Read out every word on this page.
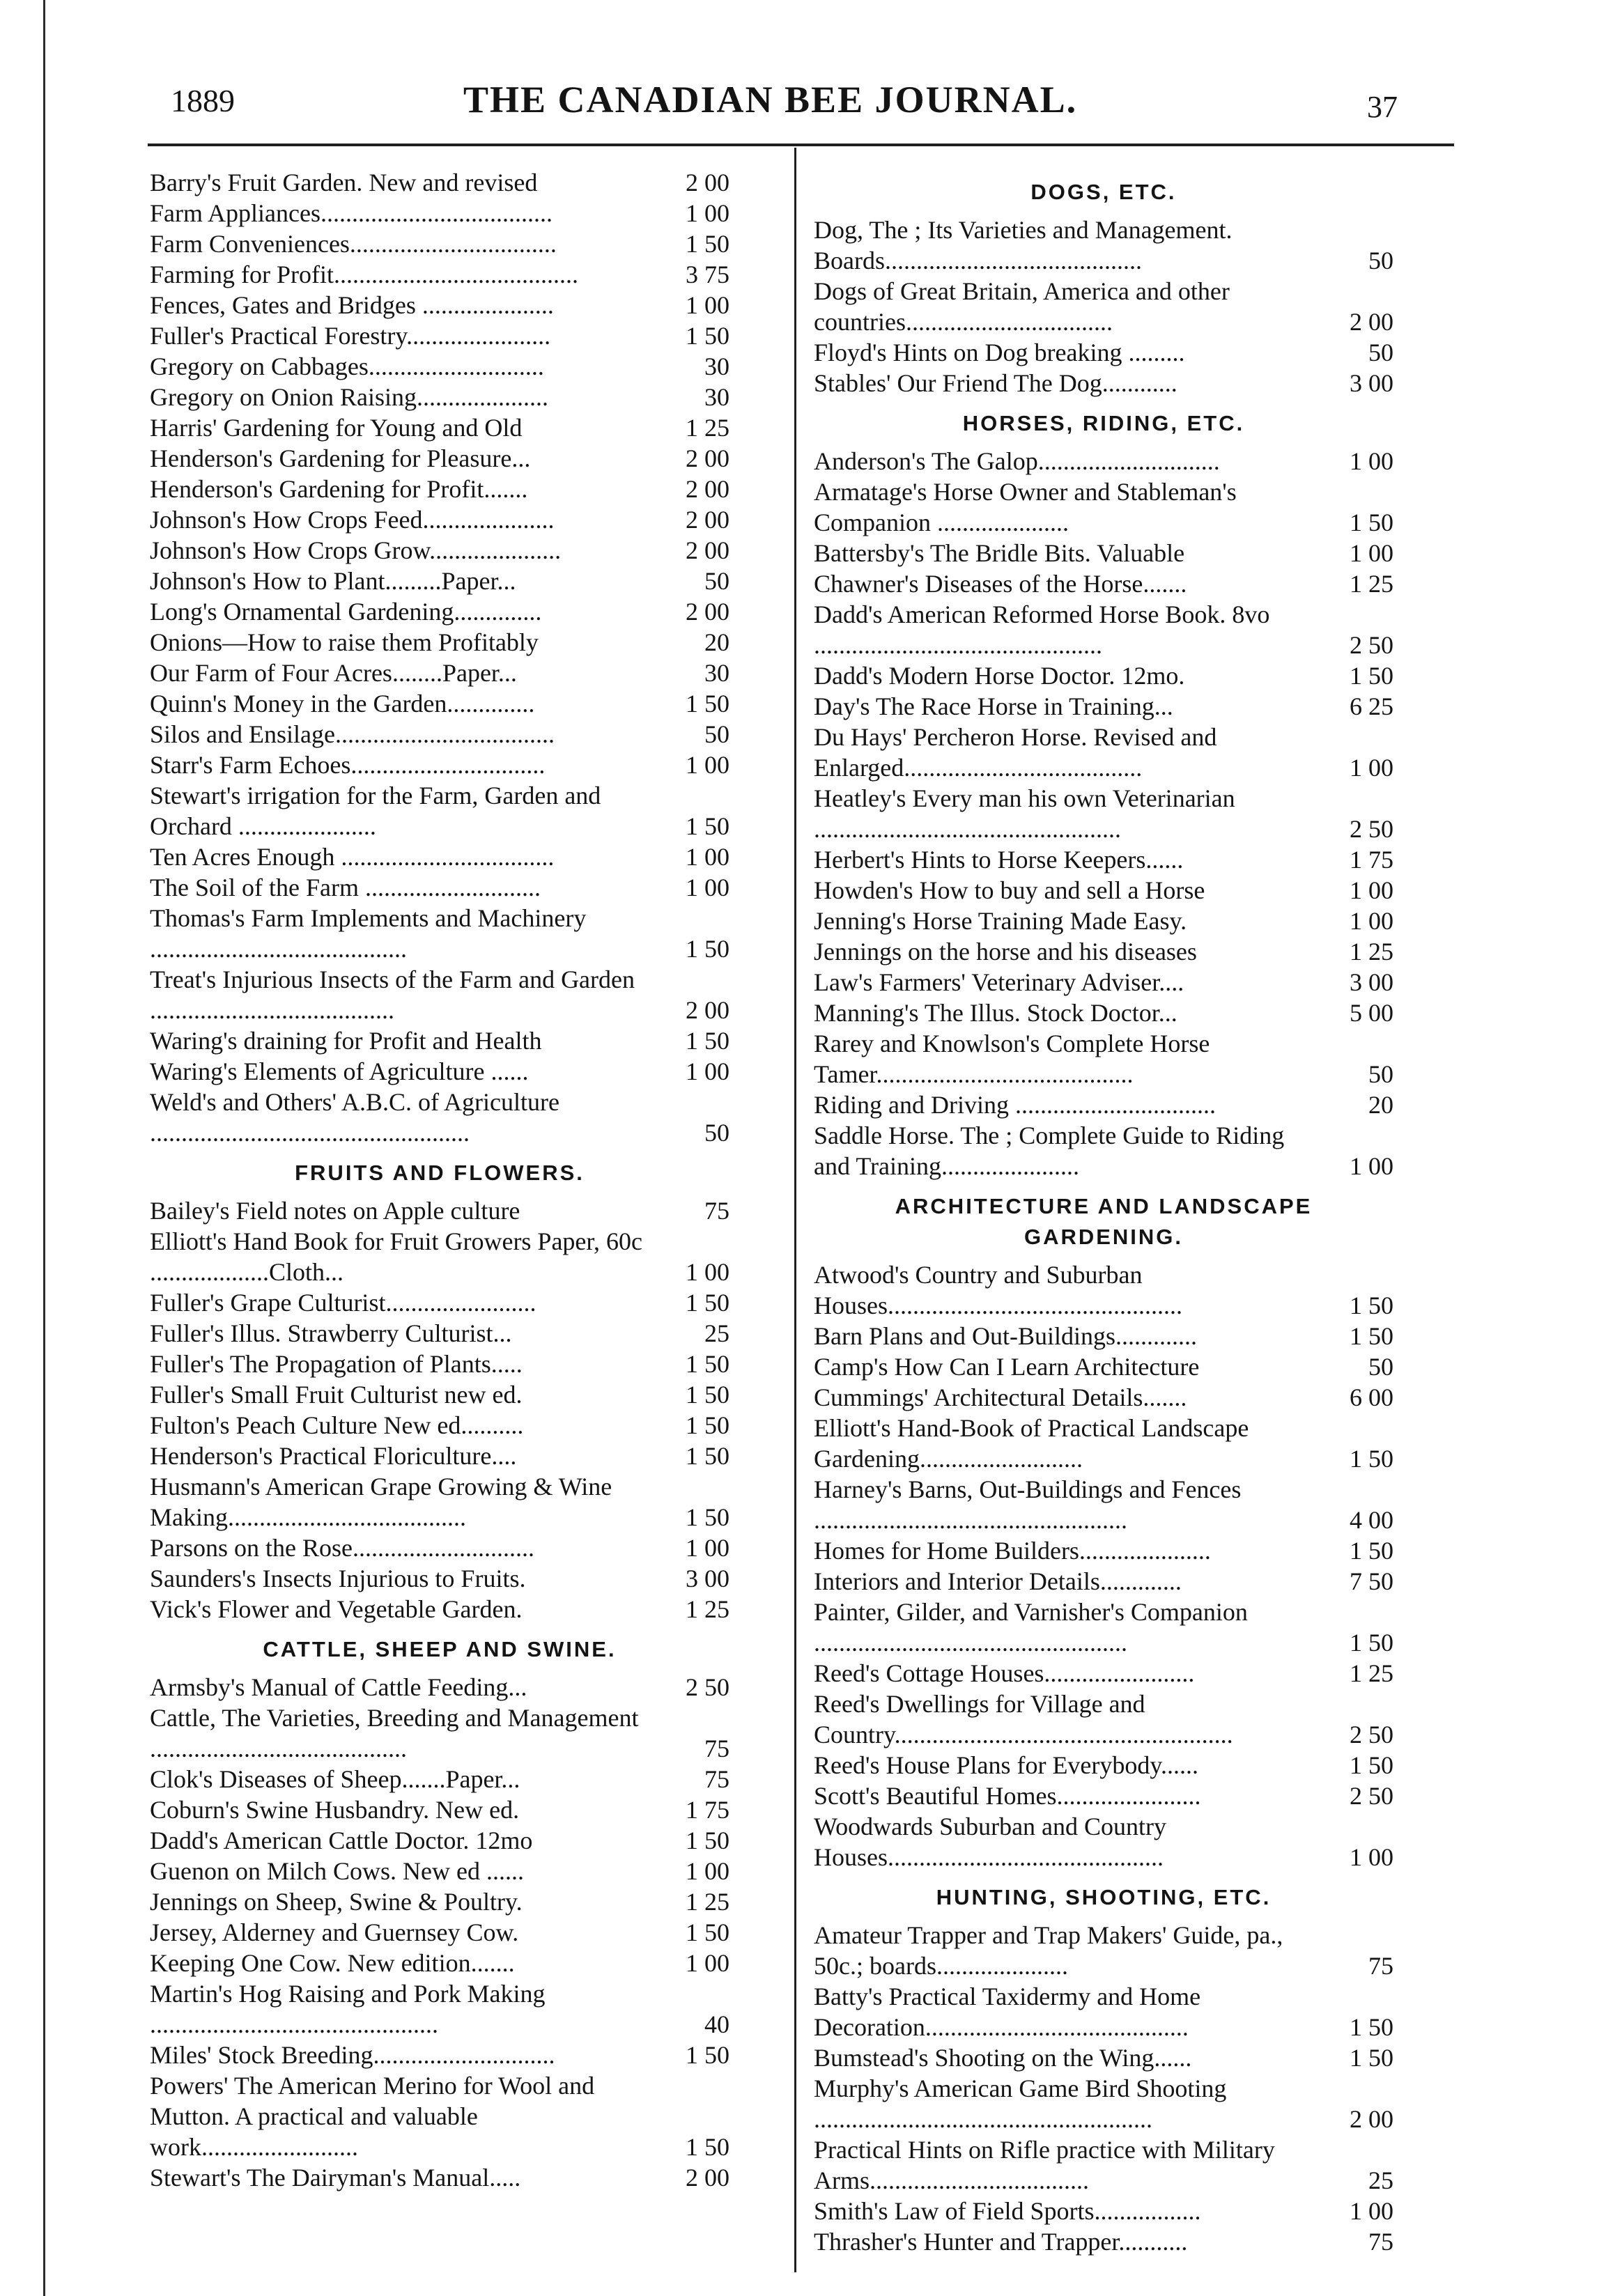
1889	THE CANADIAN BEE JOURNAL.	37
Barry's Fruit Garden. New and revised	2 00
Farm Appliances.....................................	1 00
Farm Conveniences.................................	1 50
Farming for Profit.......................................	3 75
Fences, Gates and Bridges .....................	1 00
Fuller's Practical Forestry.......................	1 50
Gregory on Cabbages............................	30
Gregory on Onion Raising.....................	30
Harris' Gardening for Young and Old	1 25
Henderson's Gardening for Pleasure...	2 00
Henderson's Gardening for Profit.......	2 00
Johnson's How Crops Feed.....................	2 00
Johnson's How Crops Grow.....................	2 00
Johnson's How to Plant.........Paper...	50
Long's Ornamental Gardening..............	2 00
Onions—How to raise them Profitably	20
Our Farm of Four Acres........Paper...	30
Quinn's Money in the Garden..............	1 50
Silos and Ensilage...................................	50
Starr's Farm Echoes...............................	1 00
Stewart's irrigation for the Farm, Garden and Orchard ......................	1 50
Ten Acres Enough ..................................	1 00
The Soil of the Farm ............................	1 00
Thomas's Farm Implements and Machinery .........................................	1 50
Treat's Injurious Insects of the Farm and Garden .......................................	2 00
Waring's draining for Profit and Health	1 50
Waring's Elements of Agriculture ......	1 00
Weld's and Others' A.B.C. of Agriculture ...................................................	50
FRUITS AND FLOWERS.
Bailey's Field notes on Apple culture	75
Elliott's Hand Book for Fruit Growers Paper, 60c ...................Cloth...	1 00
Fuller's Grape Culturist........................	1 50
Fuller's Illus. Strawberry Culturist...	25
Fuller's The Propagation of Plants.....	1 50
Fuller's Small Fruit Culturist new ed.	1 50
Fulton's Peach Culture New ed..........	1 50
Henderson's Practical Floriculture....	1 50
Husmann's American Grape Growing & Wine Making......................................	1 50
Parsons on the Rose.............................	1 00
Saunders's Insects Injurious to Fruits.	3 00
Vick's Flower and Vegetable Garden.	1 25
CATTLE, SHEEP AND SWINE.
Armsby's Manual of Cattle Feeding...	2 50
Cattle, The Varieties, Breeding and Management .........................................	75
Clok's Diseases of Sheep.......Paper...	75
Coburn's Swine Husbandry. New ed.	1 75
Dadd's American Cattle Doctor. 12mo	1 50
Guenon on Milch Cows. New ed ......	1 00
Jennings on Sheep, Swine & Poultry.	1 25
Jersey, Alderney and Guernsey Cow.	1 50
Keeping One Cow. New edition.......	1 00
Martin's Hog Raising and Pork Making ..............................................	40
Miles' Stock Breeding.............................	1 50
Powers' The American Merino for Wool and Mutton. A practical and valuable work.........................	1 50
Stewart's The Dairyman's Manual.....	2 00
DOGS, ETC.
Dog, The ; Its Varieties and Management. Boards.........................................	50
Dogs of Great Britain, America and other countries.................................	2 00
Floyd's Hints on Dog breaking .........	50
Stables' Our Friend The Dog............	3 00
HORSES, RIDING, ETC.
Anderson's The Galop.............................	1 00
Armatage's Horse Owner and Stableman's Companion .....................	1 50
Battersby's The Bridle Bits. Valuable	1 00
Chawner's Diseases of the Horse.......	1 25
Dadd's American Reformed Horse Book. 8vo ..............................................	2 50
Dadd's Modern Horse Doctor. 12mo.	1 50
Day's The Race Horse in Training...	6 25
Du Hays' Percheron Horse. Revised and Enlarged......................................	1 00
Heatley's Every man his own Veterinarian .................................................	2 50
Herbert's Hints to Horse Keepers......	1 75
Howden's How to buy and sell a Horse	1 00
Jenning's Horse Training Made Easy.	1 00
Jennings on the horse and his diseases	1 25
Law's Farmers' Veterinary Adviser....	3 00
Manning's The Illus. Stock Doctor...	5 00
Rarey and Knowlson's Complete Horse Tamer.........................................	50
Riding and Driving ................................	20
Saddle Horse. The ; Complete Guide to Riding and Training......................	1 00
ARCHITECTURE AND LANDSCAPE GARDENING.
Atwood's Country and Suburban Houses...............................................	1 50
Barn Plans and Out-Buildings.............	1 50
Camp's How Can I Learn Architecture	50
Cummings' Architectural Details.......	6 00
Elliott's Hand-Book of Practical Landscape Gardening..........................	1 50
Harney's Barns, Out-Buildings and Fences ..................................................	4 00
Homes for Home Builders.....................	1 50
Interiors and Interior Details.............	7 50
Painter, Gilder, and Varnisher's Companion ..................................................	1 50
Reed's Cottage Houses........................	1 25
Reed's Dwellings for Village and Country......................................................	2 50
Reed's House Plans for Everybody......	1 50
Scott's Beautiful Homes.......................	2 50
Woodwards Suburban and Country Houses............................................	1 00
HUNTING, SHOOTING, ETC.
Amateur Trapper and Trap Makers' Guide, pa., 50c.; boards.....................	75
Batty's Practical Taxidermy and Home Decoration..........................................	1 50
Bumstead's Shooting on the Wing......	1 50
Murphy's American Game Bird Shooting ......................................................	2 00
Practical Hints on Rifle practice with Military Arms...................................	25
Smith's Law of Field Sports.................	1 00
Thrasher's Hunter and Trapper...........	75
